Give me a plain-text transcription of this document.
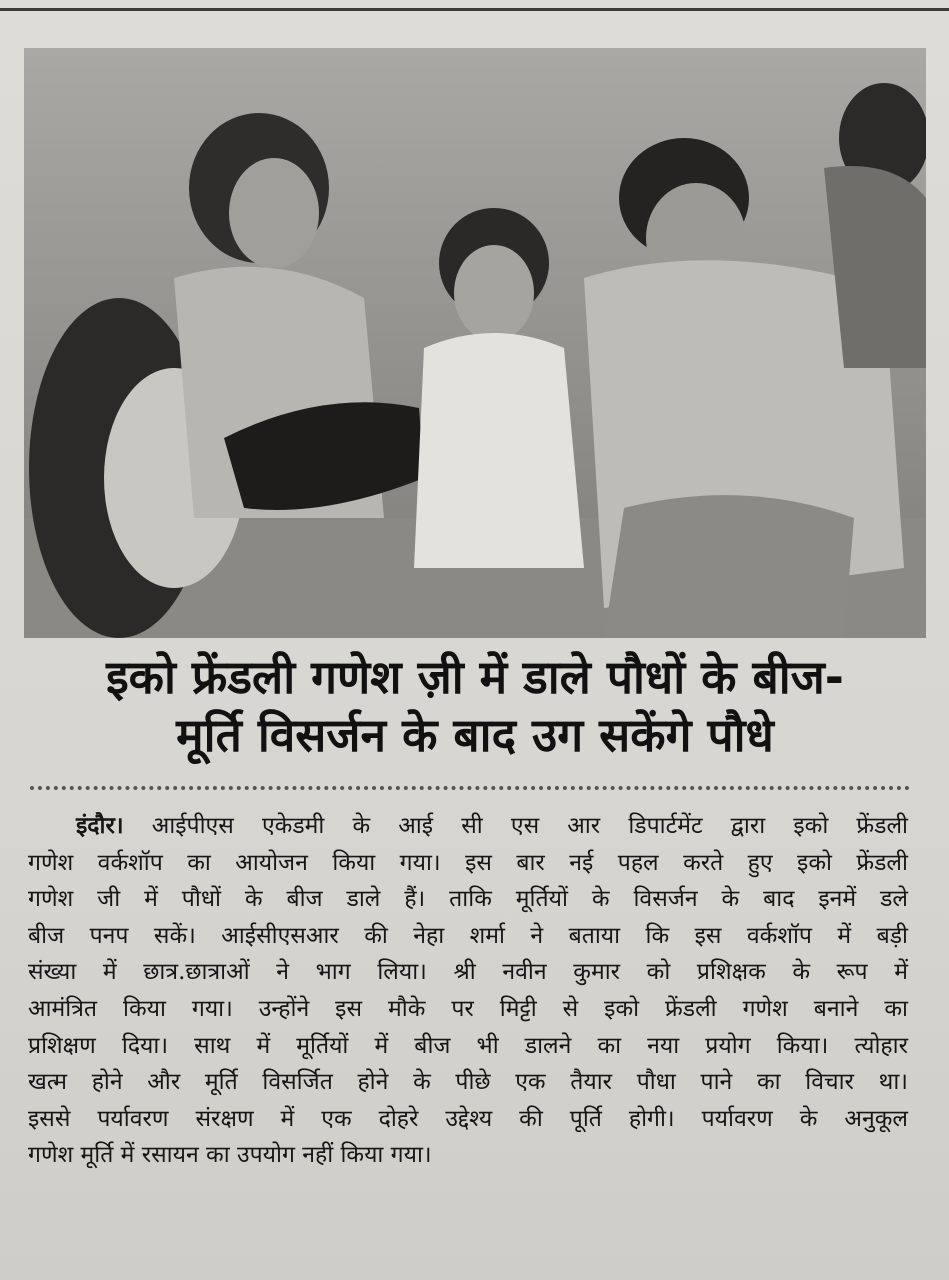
इको फ्रेंडली गणेश ज़ी में डाले पौधों के बीज-
मूर्ति विसर्जन के बाद उग सकेंगे पौधे
इंदौर। आईपीएस एकेडमी के आई सी एस आर डिपार्टमेंट द्वारा इको फ्रेंडली
गणेश वर्कशॉप का आयोजन किया गया। इस बार नई पहल करते हुए इको फ्रेंडली
गणेश जी में पौधों के बीज डाले हैं। ताकि मूर्तियों के विसर्जन के बाद इनमें डले
बीज पनप सकें। आईसीएसआर की नेहा शर्मा ने बताया कि इस वर्कशॉप में बड़ी
संख्या में छात्र.छात्राओं ने भाग लिया। श्री नवीन कुमार को प्रशिक्षक के रूप में
आमंत्रित किया गया। उन्होंने इस मौके पर मिट्टी से इको फ्रेंडली गणेश बनाने का
प्रशिक्षण दिया। साथ में मूर्तियों में बीज भी डालने का नया प्रयोग किया। त्योहार
खत्म होने और मूर्ति विसर्जित होने के पीछे एक तैयार पौधा पाने का विचार था।
इससे पर्यावरण संरक्षण में एक दोहरे उद्देश्य की पूर्ति होगी। पर्यावरण के अनुकूल
गणेश मूर्ति में रसायन का उपयोग नहीं किया गया।
